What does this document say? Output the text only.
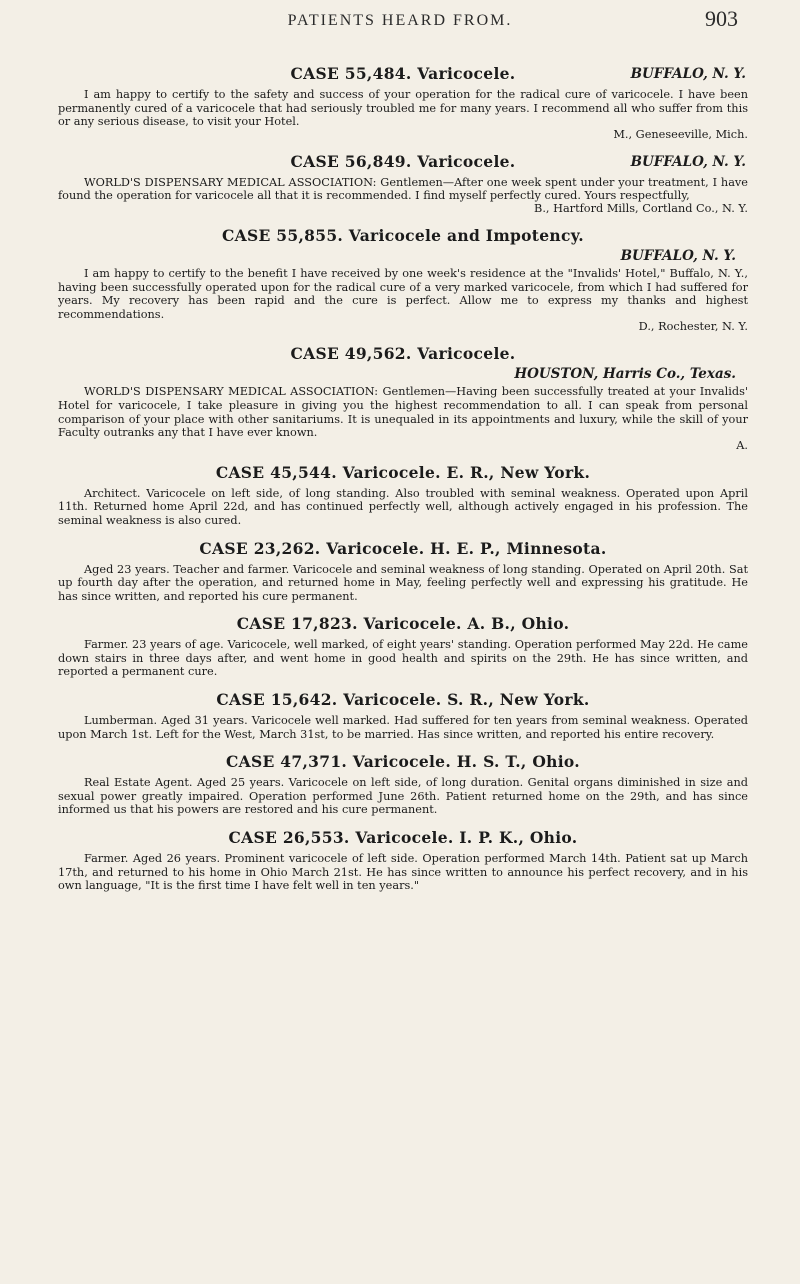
PATIENTS HEARD FROM.	903
CASE 55,484. Varicocele.	BUFFALO, N. Y.

I am happy to certify to the safety and success of your operation for the radical cure of varicocele. I have been permanently cured of a varicocele that had seriously troubled me for many years. I recommend all who suffer from this or any serious disease, to visit your Hotel.

M., Geneseeville, Mich.
CASE 56,849. Varicocele.	BUFFALO, N. Y.

WORLD'S DISPENSARY MEDICAL ASSOCIATION: Gentlemen—After one week spent under your treatment, I have found the operation for varicocele all that it is recommended. I find myself perfectly cured. Yours respectfully,

B., Hartford Mills, Cortland Co., N. Y.
CASE 55,855. Varicocele and Impotency.
BUFFALO, N. Y.

I am happy to certify to the benefit I have received by one week's residence at the "Invalids' Hotel," Buffalo, N. Y., having been successfully operated upon for the radical cure of a very marked varicocele, from which I had suffered for years. My recovery has been rapid and the cure is perfect. Allow me to express my thanks and highest recommendations.

D., Rochester, N. Y.
CASE 49,562. Varicocele.
HOUSTON, Harris Co., Texas.

WORLD'S DISPENSARY MEDICAL ASSOCIATION: Gentlemen—Having been successfully treated at your Invalids' Hotel for varicocele, I take pleasure in giving you the highest recommendation to all. I can speak from personal comparison of your place with other sanitariums. It is unequaled in its appointments and luxury, while the skill of your Faculty outranks any that I have ever known.

A.
CASE 45,544. Varicocele. E. R., New York.

Architect. Varicocele on left side, of long standing. Also troubled with seminal weakness. Operated upon April 11th. Returned home April 22d, and has continued perfectly well, although actively engaged in his profession. The seminal weakness is also cured.

CASE 23,262. Varicocele. H. E. P., Minnesota.

Aged 23 years. Teacher and farmer. Varicocele and seminal weakness of long standing. Operated on April 20th. Sat up fourth day after the operation, and returned home in May, feeling perfectly well and expressing his gratitude. He has since written, and reported his cure permanent.

CASE 17,823. Varicocele. A. B., Ohio.

Farmer. 23 years of age. Varicocele, well marked, of eight years' standing. Operation performed May 22d. He came down stairs in three days after, and went home in good health and spirits on the 29th. He has since written, and reported a permanent cure.

CASE 15,642. Varicocele. S. R., New York.

Lumberman. Aged 31 years. Varicocele well marked. Had suffered for ten years from seminal weakness. Operated upon March 1st. Left for the West, March 31st, to be married. Has since written, and reported his entire recovery.

CASE 47,371. Varicocele. H. S. T., Ohio.

Real Estate Agent. Aged 25 years. Varicocele on left side, of long duration. Genital organs diminished in size and sexual power greatly impaired. Operation performed June 26th. Patient returned home on the 29th, and has since informed us that his powers are restored and his cure permanent.

CASE 26,553. Varicocele. I. P. K., Ohio.

Farmer. Aged 26 years. Prominent varicocele of left side. Operation performed March 14th. Patient sat up March 17th, and returned to his home in Ohio March 21st. He has since written to announce his perfect recovery, and in his own language, "It is the first time I have felt well in ten years."
